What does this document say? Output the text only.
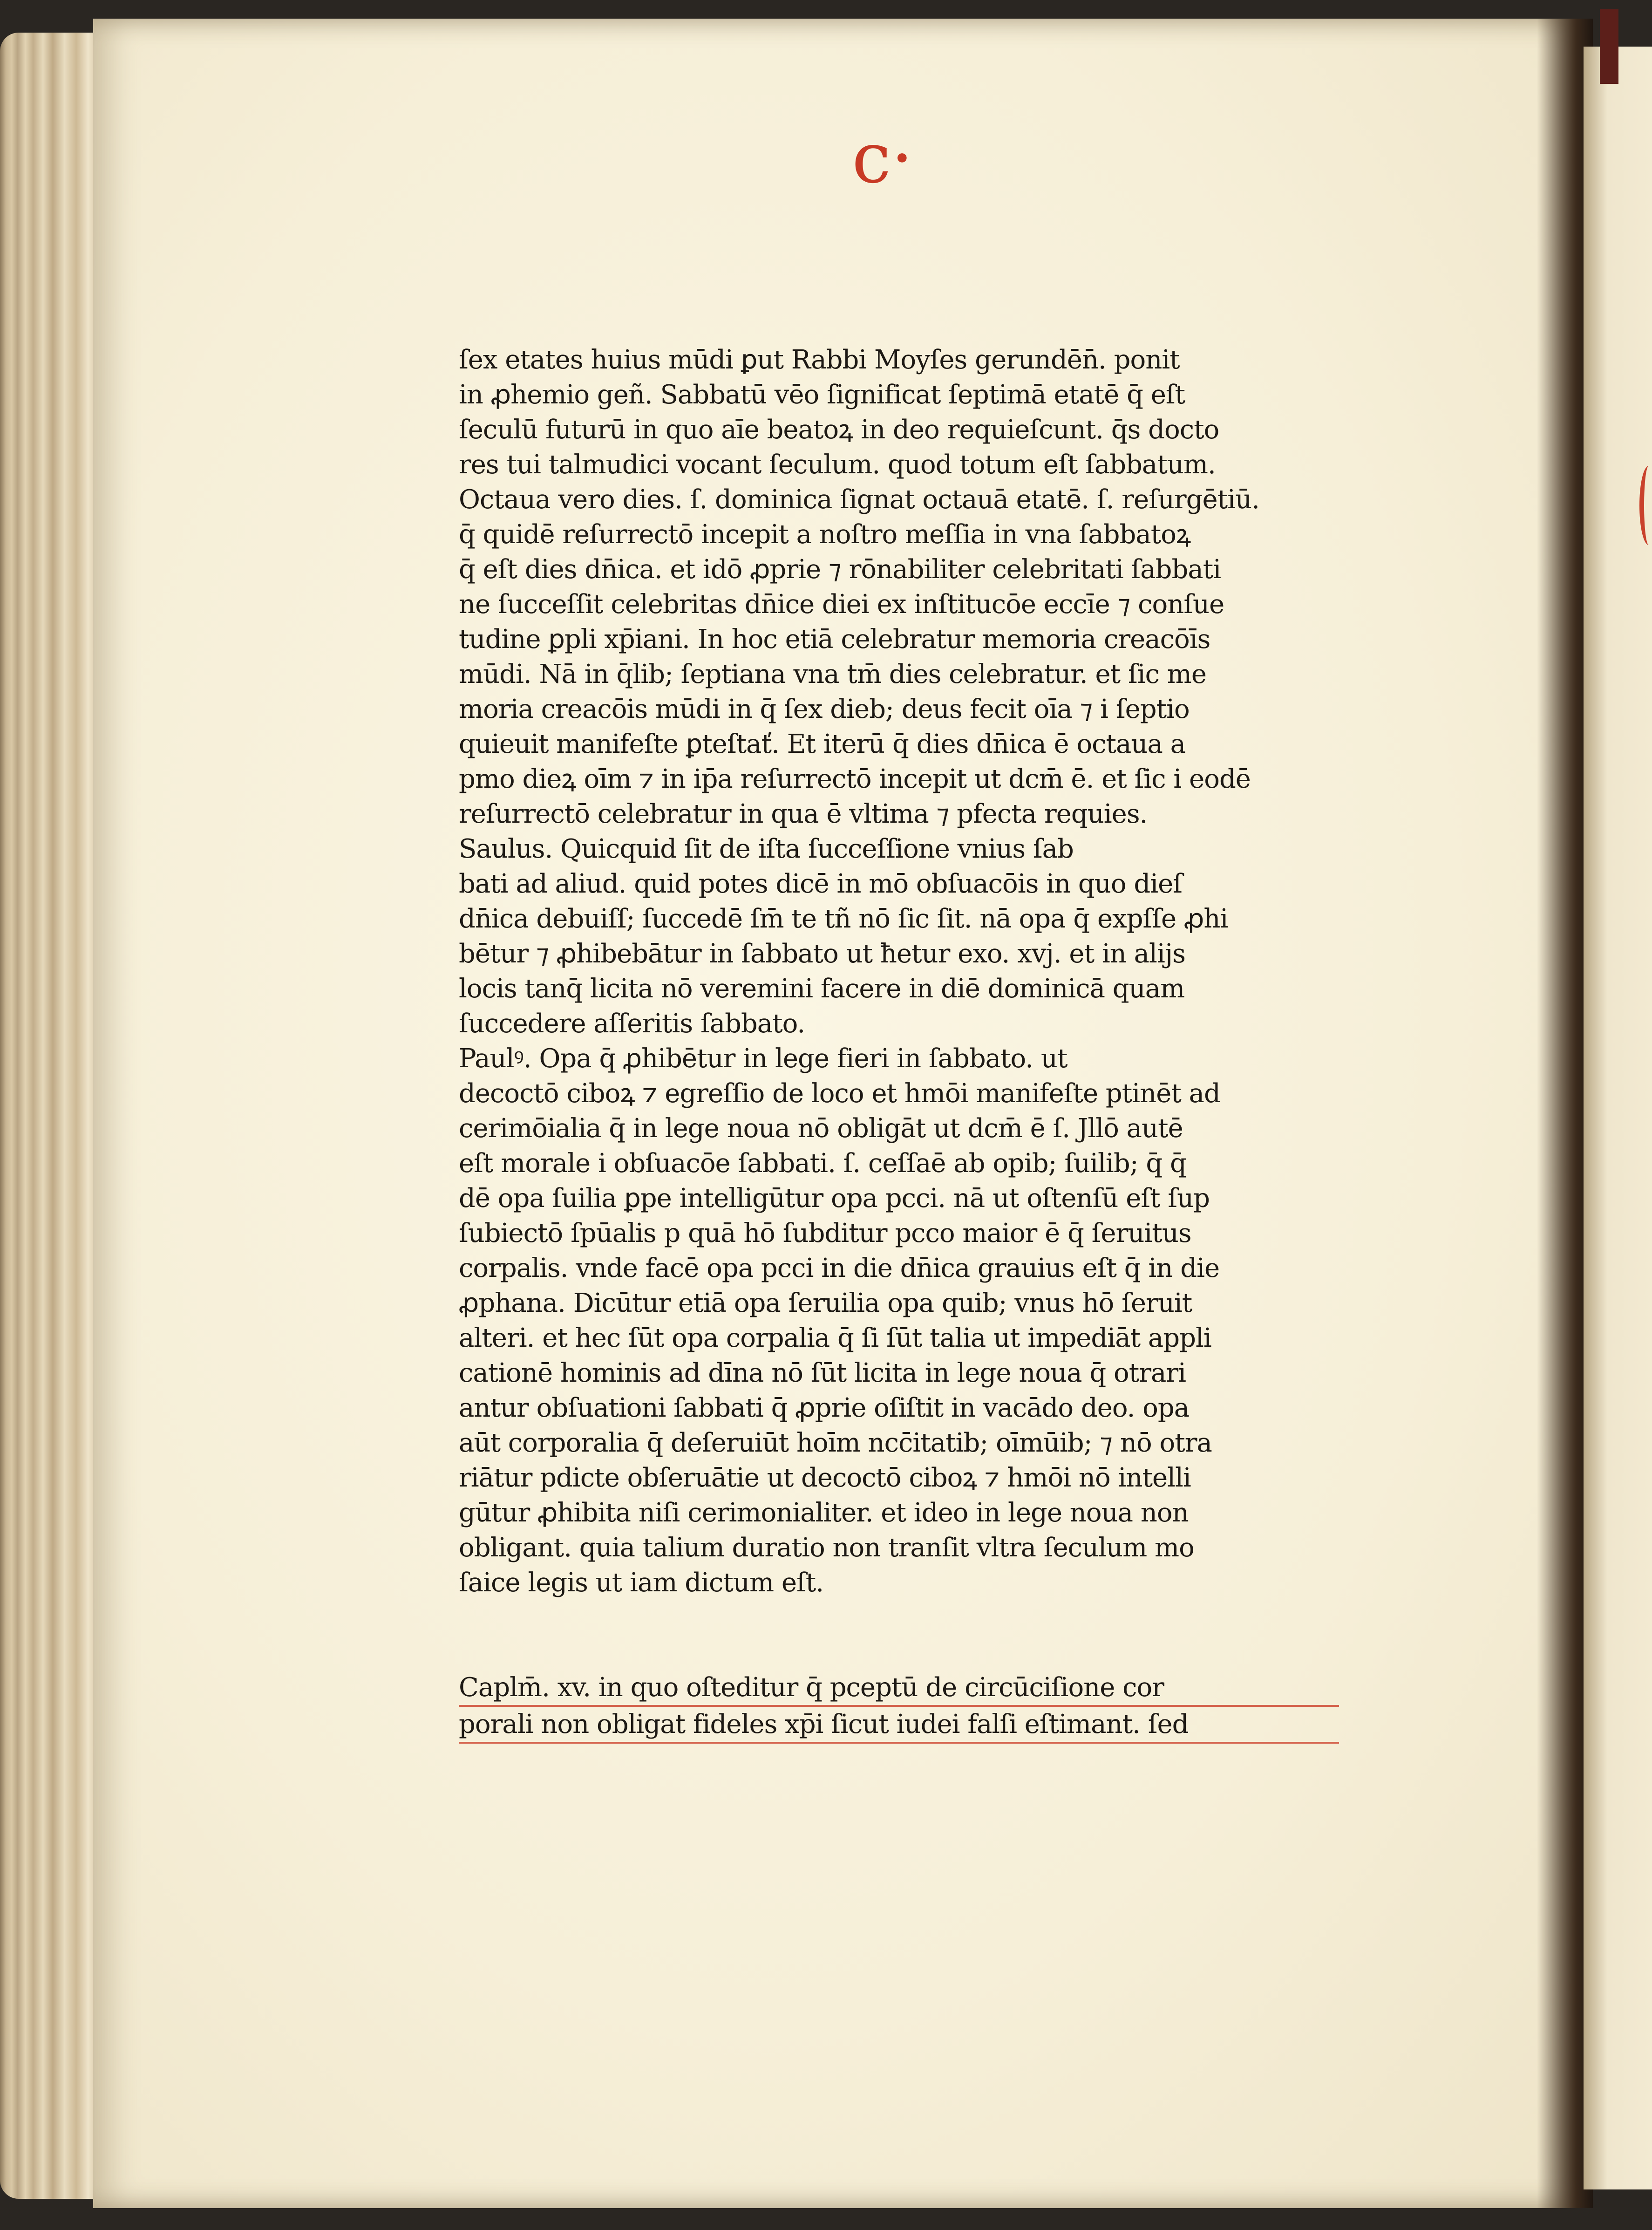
ⅽ·
ſex etates huius mūdi ꝑut Rabbi Moyſes gerundēn̄. ponit
in ꝓhemio geñ. Sabbatū vēo ſignificat ſeptimā etatē q̄ eſt
ſeculū futurū in quo aīe beatoꝝ in deo requieſcunt. q̄s docto
res tui talmudici vocant ſeculum. quod totum eſt ſabbatum.
Octaua vero dies. ſ. dominica ſignat octauā etatē. ſ. reſurgētiū.
q̄ quidē reſurrectō incepit a noſtro meſſia in vna ſabbatoꝝ
q̄ eſt dies dn̄ica. et idō ꝓprie ⁊ rōnabiliter celebritati ſabbati
ne ſucceſſit celebritas dn̄ice diei ex inſtitucōe eccīe ⁊ conſue
tudine ꝑpli xp̄iani. In hoc etiā celebratur memoria creacōīs
mūdi. Nā in q̄lib; ſeptiana vna tm̄ dies celebratur. et ſic me
moria creacōis mūdi in q̄ ſex dieb; deus fecit oīa ⁊ i ſeptio
quieuit manifeſte ꝑteſtať. Et iterū q̄ dies dn̄ica ē octaua a
pmo dieꝝ oīm ⁊ in ip̄a reſurrectō incepit ut dcm̄ ē. et ſic i eodē
reſurrectō celebratur in qua ē vltima ⁊ pfecta requies.
Saulus. Quicquid ſit de iſta ſucceſſione vnius ſab
bati ad aliud. quid potes dicē in mō obſuacōis in quo dieſ
dn̄ica debuiſſ; ſuccedē ſm̄ te tñ nō ſic ſit. nā opa q̄ expſſe ꝓhi
bētur ⁊ ꝓhibebātur in ſabbato ut ħetur exo. xvj. et in alijs
locis tanq̄ licita nō veremini facere in diē dominicā quam
ſuccedere aſſeritis ſabbato.
Paulꝰ. Opa q̄ ꝓhibētur in lege fieri in ſabbato. ut
decoctō ciboꝝ ⁊ egreſſio de loco et hmōi manifeſte ptinēt ad
cerimōialia q̄ in lege noua nō obligāt ut dcm̄ ē ſ. Jllō autē
eſt morale i obſuacōe ſabbati. ſ. ceſſaē ab opib; ſuilib; q̄ q̄
dē opa ſuilia ꝑpe intelligūtur opa pcci. nā ut oſtenſū eſt ſup
ſubiectō ſpūalis p quā hō ſubditur pcco maior ē q̄ ſeruitus
corpalis. vnde facē opa pcci in die dn̄ica grauius eſt q̄ in die
ꝓphana. Dicūtur etiā opa ſeruilia opa quib; vnus hō ſeruit
alteri. et hec ſūt opa corpalia q̄ ſi ſūt talia ut impediāt appli
cationē hominis ad dīna nō ſūt licita in lege noua q̄ otrari
antur obſuationi ſabbati q̄ ꝓprie oſiſtit in vacādo deo. opa
aūt corporalia q̄ deſeruiūt hoīm ncc̄itatib; oīmūib; ⁊ nō otra
riātur pdicte obſeruātie ut decoctō ciboꝝ ⁊ hmōi nō intelli
gūtur ꝓhibita niſi cerimonialiter. et ideo in lege noua non
obligant. quia talium duratio non tranſit vltra ſeculum mo
ſaice legis ut iam dictum eſt.
Caplm̄. xv. in quo oſteditur q̄ pceptū de circūciſione cor
porali non obligat fideles xp̄i ſicut iudei falſi eſtimant. ſed
